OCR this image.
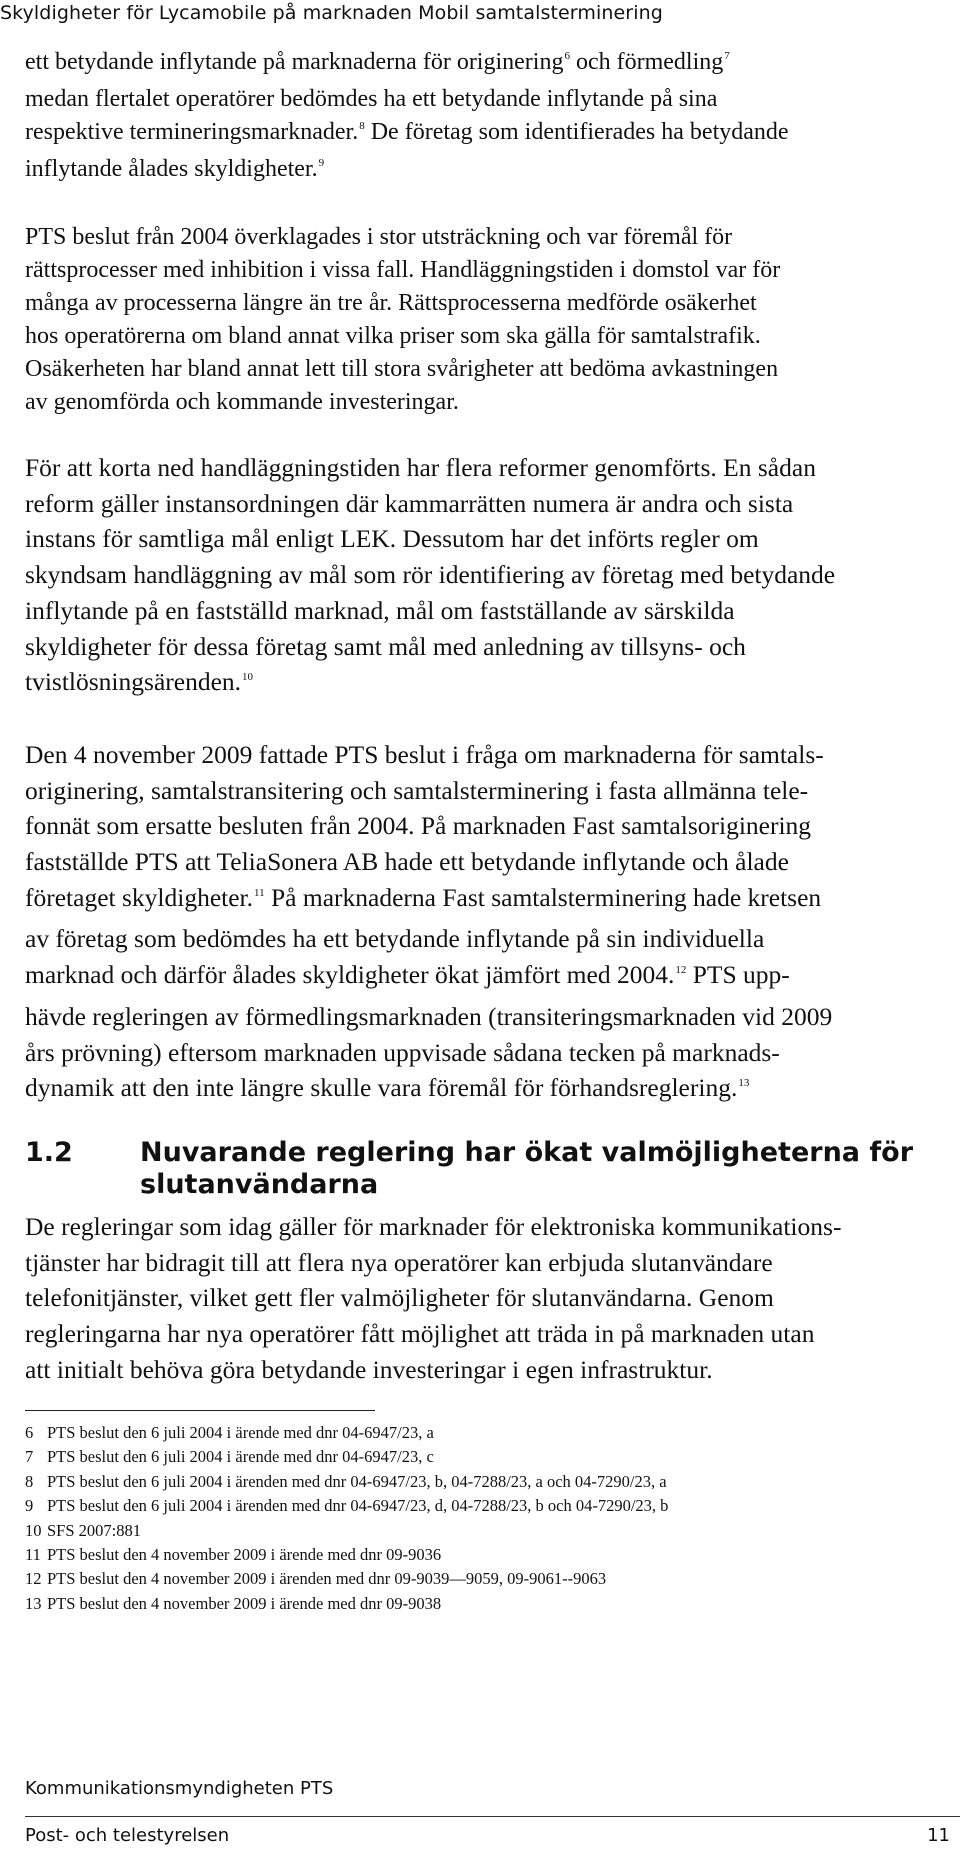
Skyldigheter för Lycamobile på marknaden Mobil samtalsterminering
ett betydande inflytande på marknaderna för originering$^6$ och förmedling$^7$
medan flertalet operatörer bedömdes ha ett betydande inflytande på sina
respektive termineringsmarknader.$^8$ De företag som identifierades ha betydande
inflytande ålades skyldigheter.$^9$
PTS beslut från 2004 överklagades i stor utsträckning och var föremål för
rättsprocesser med inhibition i vissa fall. Handläggningstiden i domstol var för
många av processerna längre än tre år. Rättsprocesserna medförde osäkerhet
hos operatörerna om bland annat vilka priser som ska gälla för samtalstrafik.
Osäkerheten har bland annat lett till stora svårigheter att bedöma avkastningen
av genomförda och kommande investeringar.
För att korta ned handläggningstiden har flera reformer genomförts. En sådan
reform gäller instansordningen där kammarrätten numera är andra och sista
instans för samtliga mål enligt LEK. Dessutom har det införts regler om
skyndsam handläggning av mål som rör identifiering av företag med betydande
inflytande på en fastställd marknad, mål om fastställande av särskilda
skyldigheter för dessa företag samt mål med anledning av tillsyns- och
tvistlösningsärenden.$^{10}$
Den 4 november 2009 fattade PTS beslut i fråga om marknaderna för samtals-
originering, samtalstransitering och samtalsterminering i fasta allmänna tele-
fonnät som ersatte besluten från 2004. På marknaden Fast samtalsoriginering
fastställde PTS att TeliaSonera AB hade ett betydande inflytande och ålade
företaget skyldigheter.$^{11}$ På marknaderna Fast samtalsterminering hade kretsen
av företag som bedömdes ha ett betydande inflytande på sin individuella
marknad och därför ålades skyldigheter ökat jämfört med 2004.12 PTS upp-
hävde regleringen av förmedlingsmarknaden (transiteringsmarknaden vid 2009
års prövning) eftersom marknaden uppvisade sådana tecken på marknads-
dynamik att den inte längre skulle vara föremål för förhandsreglering.$^{13}$
1.2 Nuvarande reglering har ökat valmöjligheterna för
slutanvändarna
De regleringar som idag gäller för marknader för elektroniska kommunikations-
tjänster har bidragit till att flera nya operatörer kan erbjuda slutanvändare
telefonitjänster, vilket gett fler valmöjligheter för slutanvändarna. Genom
regleringarna har nya operatörer fått möjlighet att träda in på marknaden utan
att initialt behöva göra betydande investeringar i egen infrastruktur.
6 PTS beslut den 6 juli 2004 i ärende med dnr 04-6947/23, a
7 PTS beslut den 6 juli 2004 i ärende med dnr 04-6947/23, c
8 PTS beslut den 6 juli 2004 i ärenden med dnr 04-6947/23, b, 04-7288/23, a och 04-7290/23, a
9 PTS beslut den 6 juli 2004 i ärenden med dnr 04-6947/23, d, 04-7288/23, b och 04-7290/23, b
10 SFS 2007:881
11 PTS beslut den 4 november 2009 i ärende med dnr 09-9036
12 PTS beslut den 4 november 2009 i ärenden med dnr 09-9039—9059, 09-9061--9063
13 PTS beslut den 4 november 2009 i ärende med dnr 09-9038
Kommunikationsmyndigheten PTS
Post- och telestyrelsen	11
